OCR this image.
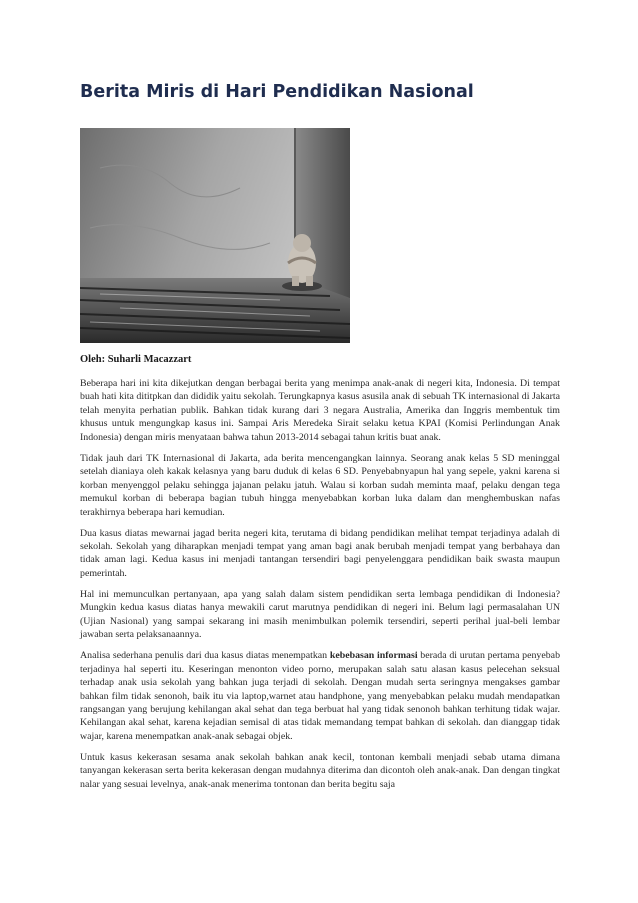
Berita Miris di Hari Pendidikan Nasional

Oleh: Suharli Macazzart

Beberapa hari ini kita dikejutkan dengan berbagai berita yang menimpa anak-anak di negeri kita, Indonesia. Di tempat buah hati kita dititpkan dan dididik yaitu sekolah. Terungkapnya kasus asusila anak di sebuah TK internasional di Jakarta telah menyita perhatian publik. Bahkan tidak kurang dari 3 negara Australia, Amerika dan Inggris membentuk tim khusus untuk mengungkap kasus ini. Sampai Aris Meredeka Sirait selaku ketua KPAI (Komisi Perlindungan Anak Indonesia) dengan miris menyataan bahwa tahun 2013-2014 sebagai tahun kritis buat anak.

Tidak jauh dari TK Internasional di Jakarta, ada berita mencengangkan lainnya. Seorang anak kelas 5 SD meninggal setelah dianiaya oleh kakak kelasnya yang baru duduk di kelas 6 SD. Penyebabnyapun hal yang sepele, yakni karena si korban menyenggol pelaku sehingga jajanan pelaku jatuh. Walau si korban sudah meminta maaf, pelaku dengan tega memukul korban di beberapa bagian tubuh hingga menyebabkan korban luka dalam dan menghembuskan nafas terakhirnya beberapa hari kemudian.

Dua kasus diatas mewarnai jagad berita negeri kita, terutama di bidang pendidikan melihat tempat terjadinya adalah di sekolah. Sekolah yang diharapkan menjadi tempat yang aman bagi anak berubah menjadi tempat yang berbahaya dan tidak aman lagi. Kedua kasus ini menjadi tantangan tersendiri bagi penyelenggara pendidikan baik swasta maupun pemerintah.

Hal ini memunculkan pertanyaan, apa yang salah dalam sistem pendidikan serta lembaga pendidikan di Indonesia? Mungkin kedua kasus diatas hanya mewakili carut marutnya pendidikan di negeri ini. Belum lagi permasalahan UN (Ujian Nasional) yang sampai sekarang ini masih menimbulkan polemik tersendiri, seperti perihal jual-beli lembar jawaban serta pelaksanaannya.

Analisa sederhana penulis dari dua kasus diatas menempatkan kebebasan informasi berada di urutan pertama penyebab terjadinya hal seperti itu. Keseringan menonton video porno, merupakan salah satu alasan kasus pelecehan seksual terhadap anak usia sekolah yang bahkan juga terjadi di sekolah. Dengan mudah serta seringnya mengakses gambar bahkan film tidak senonoh, baik itu via laptop,warnet atau handphone, yang menyebabkan pelaku mudah mendapatkan rangsangan yang berujung kehilangan akal sehat dan tega berbuat hal yang tidak senonoh bahkan terhitung tidak wajar. Kehilangan akal sehat, karena kejadian semisal di atas tidak memandang tempat bahkan di sekolah. dan dianggap tidak wajar, karena menempatkan anak-anak sebagai objek.

Untuk kasus kekerasan sesama anak sekolah bahkan anak kecil, tontonan kembali menjadi sebab utama dimana tanyangan kekerasan serta berita kekerasan dengan mudahnya diterima dan dicontoh oleh anak-anak. Dan dengan tingkat nalar yang sesuai levelnya, anak-anak menerima tontonan dan berita begitu saja
